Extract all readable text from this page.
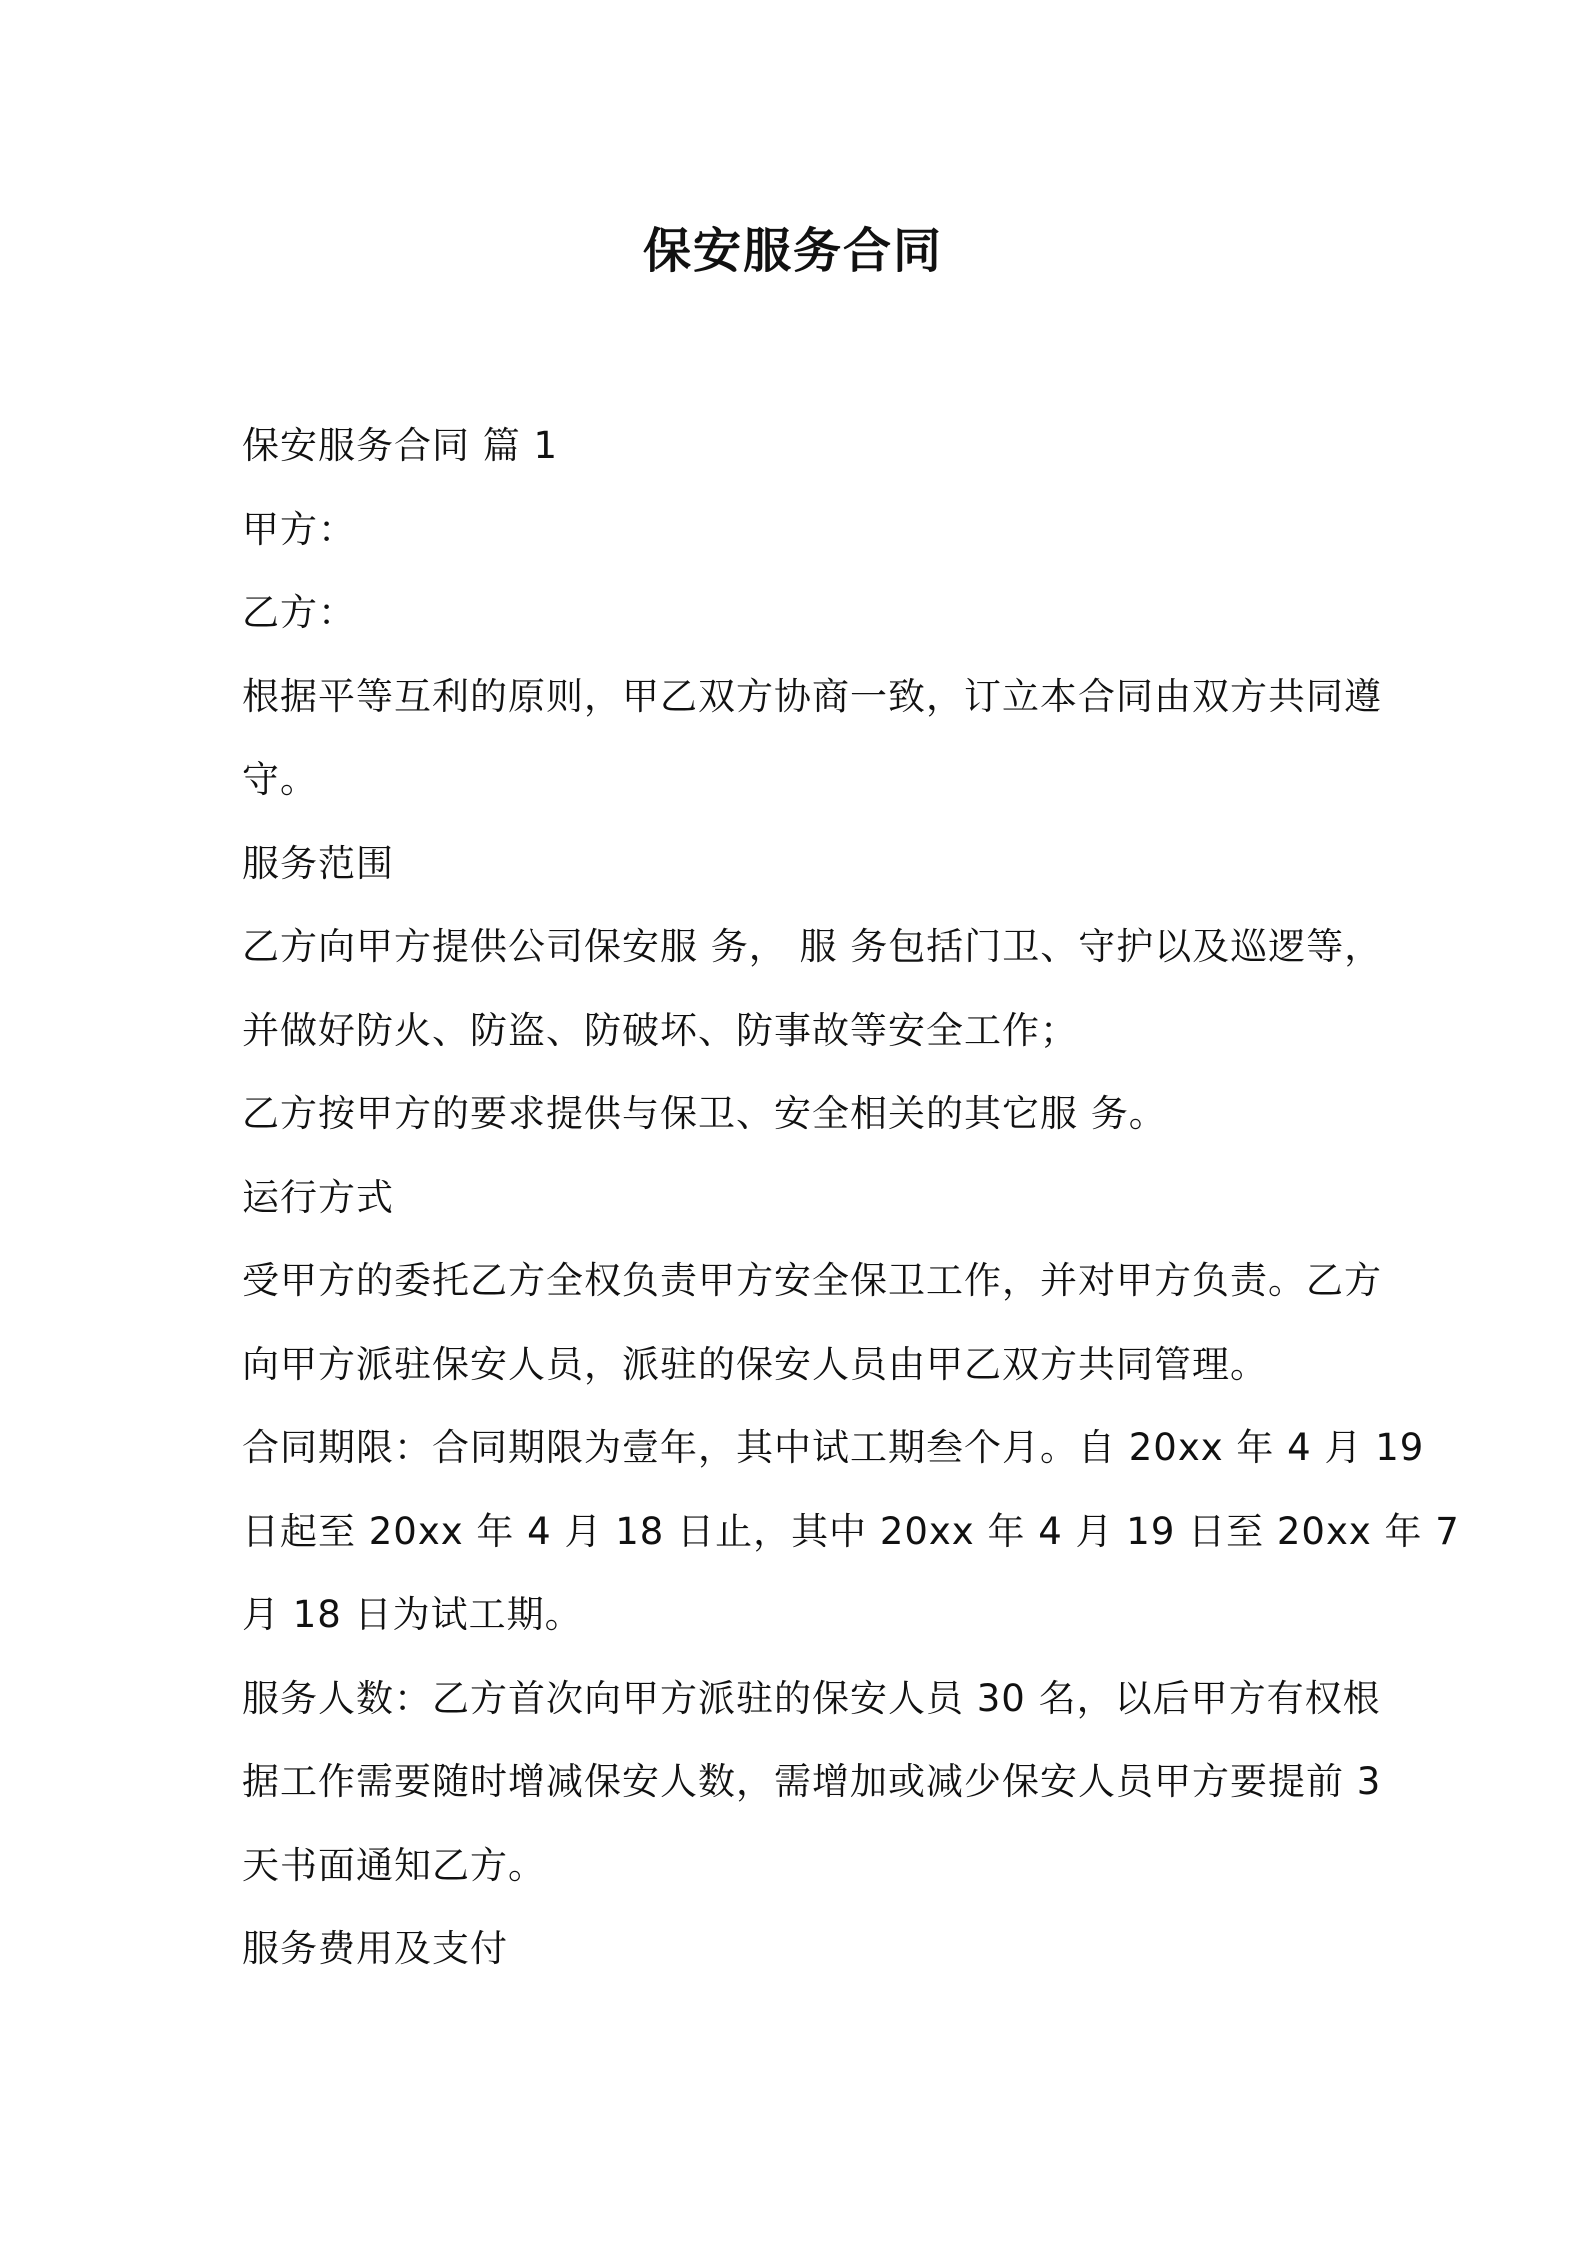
保安服务合同

保安服务合同 篇 1

甲方：

乙方：

根据平等互利的原则，甲乙双方协商一致，订立本合同由双方共同遵

守。

服务范围

乙方向甲方提供公司保安服 务， 服 务包括门卫、守护以及巡逻等，

并做好防火、防盗、防破坏、防事故等安全工作；

乙方按甲方的要求提供与保卫、安全相关的其它服 务。

运行方式

受甲方的委托乙方全权负责甲方安全保卫工作，并对甲方负责。乙方

向甲方派驻保安人员，派驻的保安人员由甲乙双方共同管理。

合同期限：合同期限为壹年，其中试工期叁个月。自 20xx 年 4 月 19

日起至 20xx 年 4 月 18 日止，其中 20xx 年 4 月 19 日至 20xx 年 7

月 18 日为试工期。

服务人数：乙方首次向甲方派驻的保安人员 30 名，以后甲方有权根

据工作需要随时增减保安人数，需增加或减少保安人员甲方要提前 3

天书面通知乙方。

服务费用及支付
